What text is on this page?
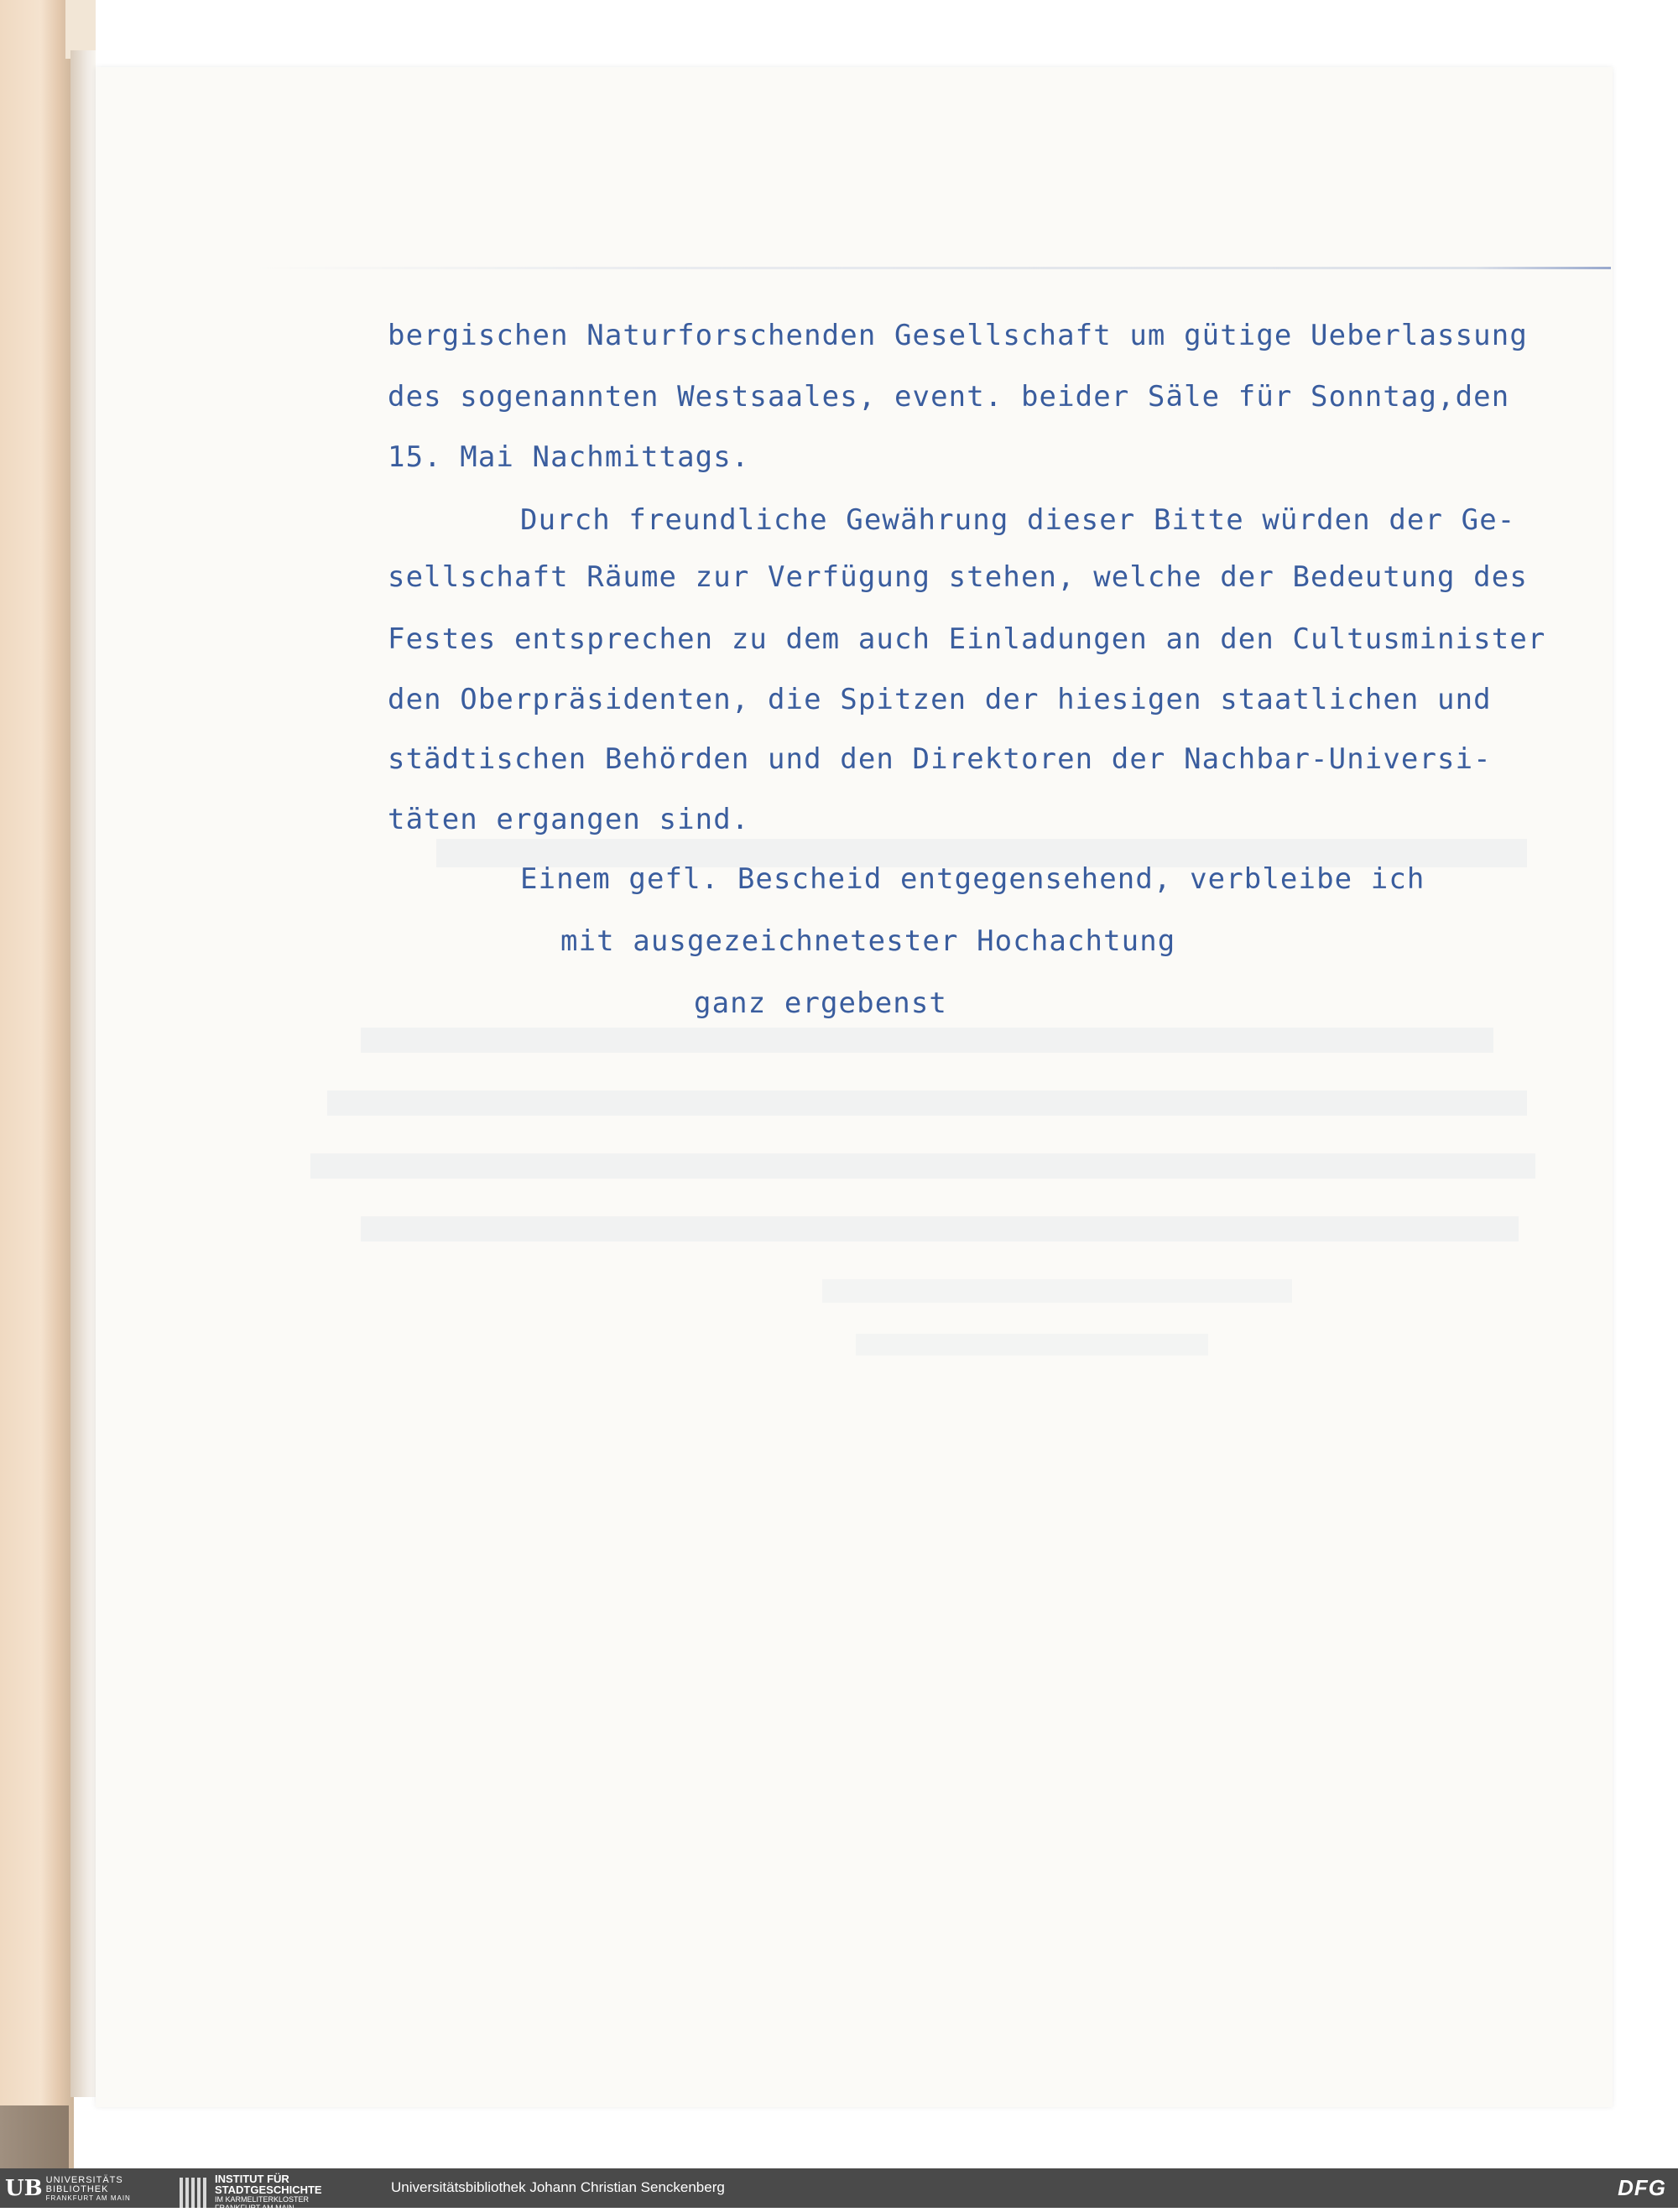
bergischen Naturforschenden Gesellschaft um gütige Ueberlassung
des sogenannten Westsaales, event. beider Säle für Sonntag,den
15. Mai Nachmittags.
Durch freundliche Gewährung dieser Bitte würden der Ge-
sellschaft Räume zur Verfügung stehen, welche der Bedeutung des
Festes entsprechen zu dem auch Einladungen an den Cultusminister
den Oberpräsidenten, die Spitzen der hiesigen staatlichen und
städtischen Behörden und den Direktoren der Nachbar-Universi-
täten ergangen sind.
Einem gefl. Bescheid entgegensehend, verbleibe ich
mit ausgezeichnetester Hochachtung
ganz ergebenst
UB UNIVERSITÄTS
BIBLIOTHEK
FRANKFURT AM MAIN
INSTITUT FÜR
STADTGESCHICHTE
IM KARMELITERKLOSTER
FRANKFURT AM MAIN
Universitätsbibliothek Johann Christian Senckenberg	DFG
